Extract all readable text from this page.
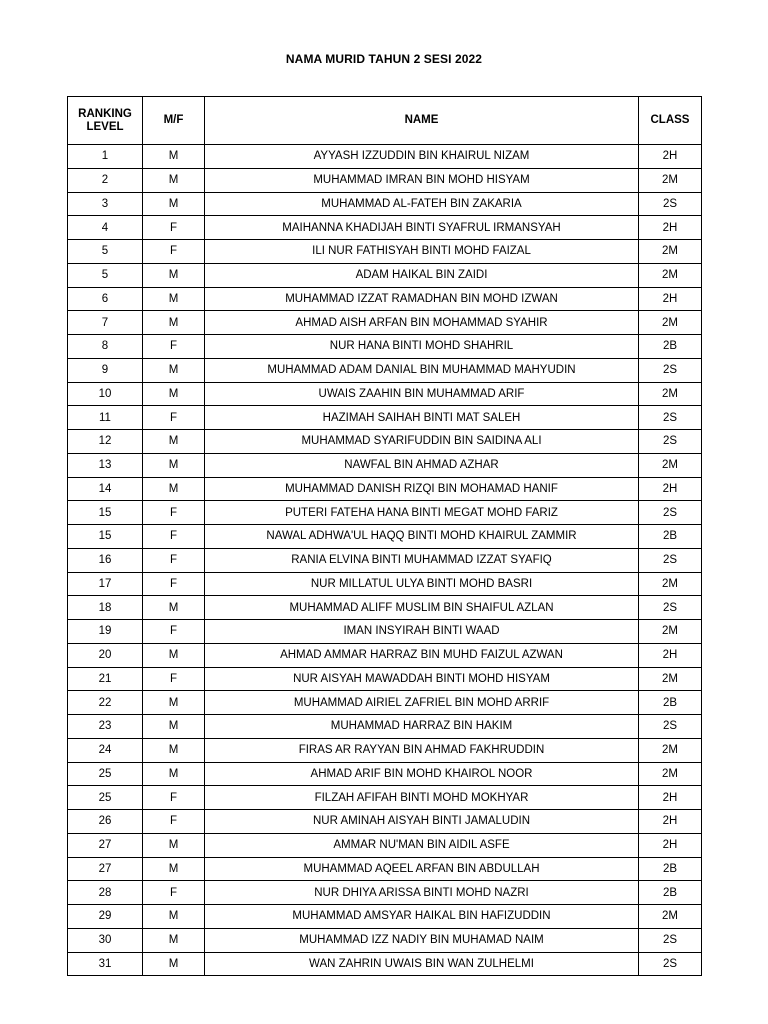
NAMA MURID TAHUN 2 SESI 2022
RANKING
LEVEL	M/F	NAME	CLASS
1	M	AYYASH IZZUDDIN BIN KHAIRUL NIZAM	2H
2	M	MUHAMMAD IMRAN BIN MOHD HISYAM	2M
3	M	MUHAMMAD AL-FATEH BIN ZAKARIA	2S
4	F	MAIHANNA KHADIJAH BINTI SYAFRUL IRMANSYAH	2H
5	F	ILI NUR FATHISYAH BINTI MOHD FAIZAL	2M
5	M	ADAM HAIKAL BIN ZAIDI	2M
6	M	MUHAMMAD IZZAT RAMADHAN BIN MOHD IZWAN	2H
7	M	AHMAD AISH ARFAN BIN MOHAMMAD SYAHIR	2M
8	F	NUR HANA BINTI MOHD SHAHRIL	2B
9	M	MUHAMMAD ADAM DANIAL BIN MUHAMMAD MAHYUDIN	2S
10	M	UWAIS ZAAHIN BIN MUHAMMAD ARIF	2M
11	F	HAZIMAH SAIHAH BINTI MAT SALEH	2S
12	M	MUHAMMAD SYARIFUDDIN BIN SAIDINA ALI	2S
13	M	NAWFAL BIN AHMAD AZHAR	2M
14	M	MUHAMMAD DANISH RIZQI BIN MOHAMAD HANIF	2H
15	F	PUTERI FATEHA HANA BINTI MEGAT MOHD FARIZ	2S
15	F	NAWAL ADHWA'UL HAQQ BINTI MOHD KHAIRUL ZAMMIR	2B
16	F	RANIA ELVINA BINTI MUHAMMAD IZZAT SYAFIQ	2S
17	F	NUR MILLATUL ULYA BINTI MOHD BASRI	2M
18	M	MUHAMMAD ALIFF MUSLIM BIN SHAIFUL AZLAN	2S
19	F	IMAN INSYIRAH BINTI WAAD	2M
20	M	AHMAD AMMAR HARRAZ BIN MUHD FAIZUL AZWAN	2H
21	F	NUR AISYAH MAWADDAH BINTI MOHD HISYAM	2M
22	M	MUHAMMAD AIRIEL ZAFRIEL BIN MOHD ARRIF	2B
23	M	MUHAMMAD HARRAZ BIN HAKIM	2S
24	M	FIRAS AR RAYYAN BIN AHMAD FAKHRUDDIN	2M
25	M	AHMAD ARIF BIN MOHD KHAIROL NOOR	2M
25	F	FILZAH AFIFAH BINTI MOHD MOKHYAR	2H
26	F	NUR AMINAH AISYAH BINTI JAMALUDIN	2H
27	M	AMMAR NU'MAN BIN AIDIL ASFE	2H
27	M	MUHAMMAD AQEEL ARFAN BIN ABDULLAH	2B
28	F	NUR DHIYA ARISSA BINTI MOHD NAZRI	2B
29	M	MUHAMMAD AMSYAR HAIKAL BIN HAFIZUDDIN	2M
30	M	MUHAMMAD IZZ NADIY BIN MUHAMAD NAIM	2S
31	M	WAN ZAHRIN UWAIS BIN WAN ZULHELMI	2S
